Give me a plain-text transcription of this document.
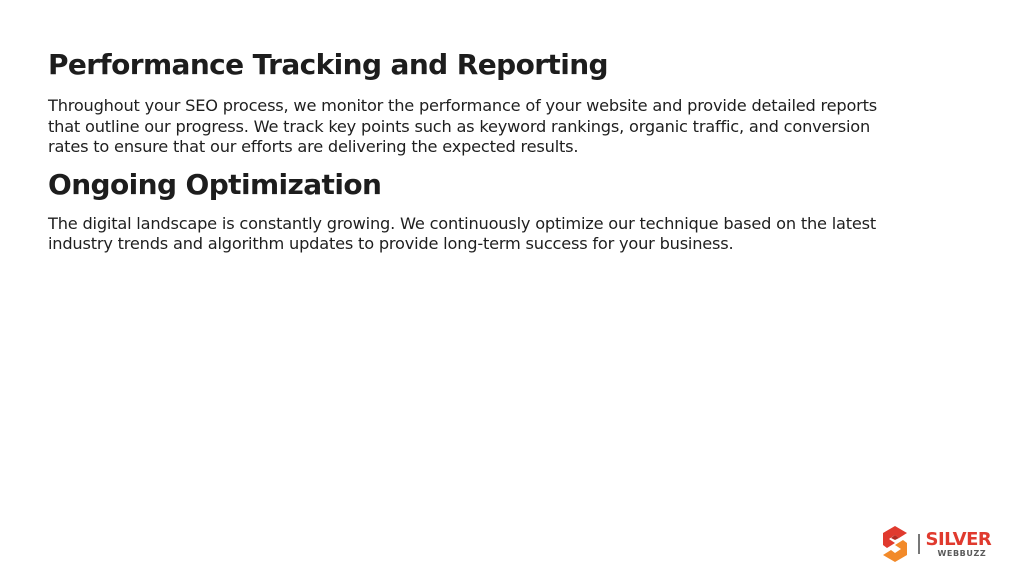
Performance Tracking and Reporting

Throughout your SEO process, we monitor the performance of your website and provide detailed reports that outline our progress. We track key points such as keyword rankings, organic traffic, and conversion rates to ensure that our efforts are delivering the expected results.

Ongoing Optimization

The digital landscape is constantly growing. We continuously optimize our technique based on the latest industry trends and algorithm updates to provide long-term success for your business.

SILVER
WEBBUZZ
